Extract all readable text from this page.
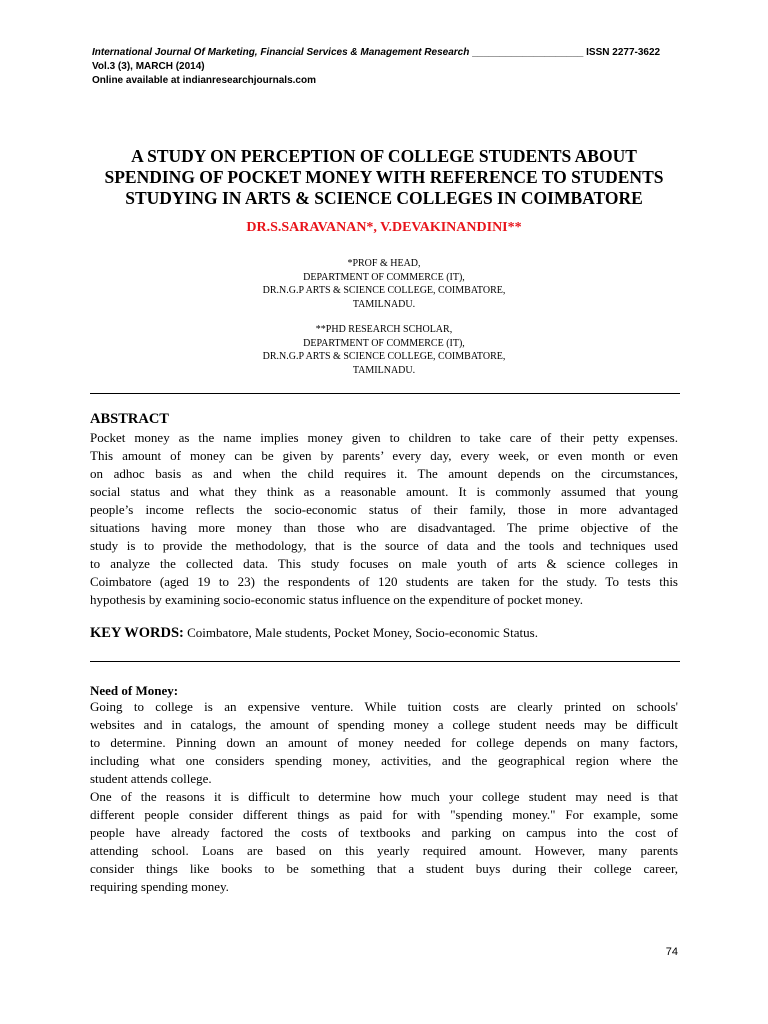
International Journal Of Marketing, Financial Services & Management Research ____________________ ISSN 2277-3622
Vol.3 (3), MARCH (2014)
Online available at indianresearchjournals.com
A STUDY ON PERCEPTION OF COLLEGE STUDENTS ABOUT
SPENDING OF POCKET MONEY WITH REFERENCE TO STUDENTS
STUDYING IN ARTS & SCIENCE COLLEGES IN COIMBATORE
DR.S.SARAVANAN*, V.DEVAKINANDINI**
*PROF & HEAD,
DEPARTMENT OF COMMERCE (IT),
DR.N.G.P ARTS & SCIENCE COLLEGE, COIMBATORE,
TAMILNADU.
**PHD RESEARCH SCHOLAR,
DEPARTMENT OF COMMERCE (IT),
DR.N.G.P ARTS & SCIENCE COLLEGE, COIMBATORE,
TAMILNADU.
ABSTRACT
Pocket money as the name implies money given to children to take care of their petty expenses.
This amount of money can be given by parents’ every day, every week, or even month or even
on adhoc basis as and when the child requires it. The amount depends on the circumstances,
social status and what they think as a reasonable amount. It is commonly assumed that young
people’s income reflects the socio-economic status of their family, those in more advantaged
situations having more money than those who are disadvantaged. The prime objective of the
study is to provide the methodology, that is the source of data and the tools and techniques used
to analyze the collected data. This study focuses on male youth of arts & science colleges in
Coimbatore (aged 19 to 23) the respondents of 120 students are taken for the study. To tests this
hypothesis by examining socio-economic status influence on the expenditure of pocket money.
KEY WORDS: Coimbatore, Male students, Pocket Money, Socio-economic Status.
Need of Money:
Going to college is an expensive venture. While tuition costs are clearly printed on schools'
websites and in catalogs, the amount of spending money a college student needs may be difficult
to determine. Pinning down an amount of money needed for college depends on many factors,
including what one considers spending money, activities, and the geographical region where the
student attends college.
One of the reasons it is difficult to determine how much your college student may need is that
different people consider different things as paid for with "spending money." For example, some
people have already factored the costs of textbooks and parking on campus into the cost of
attending school. Loans are based on this yearly required amount. However, many parents
consider things like books to be something that a student buys during their college career,
requiring spending money.
74
